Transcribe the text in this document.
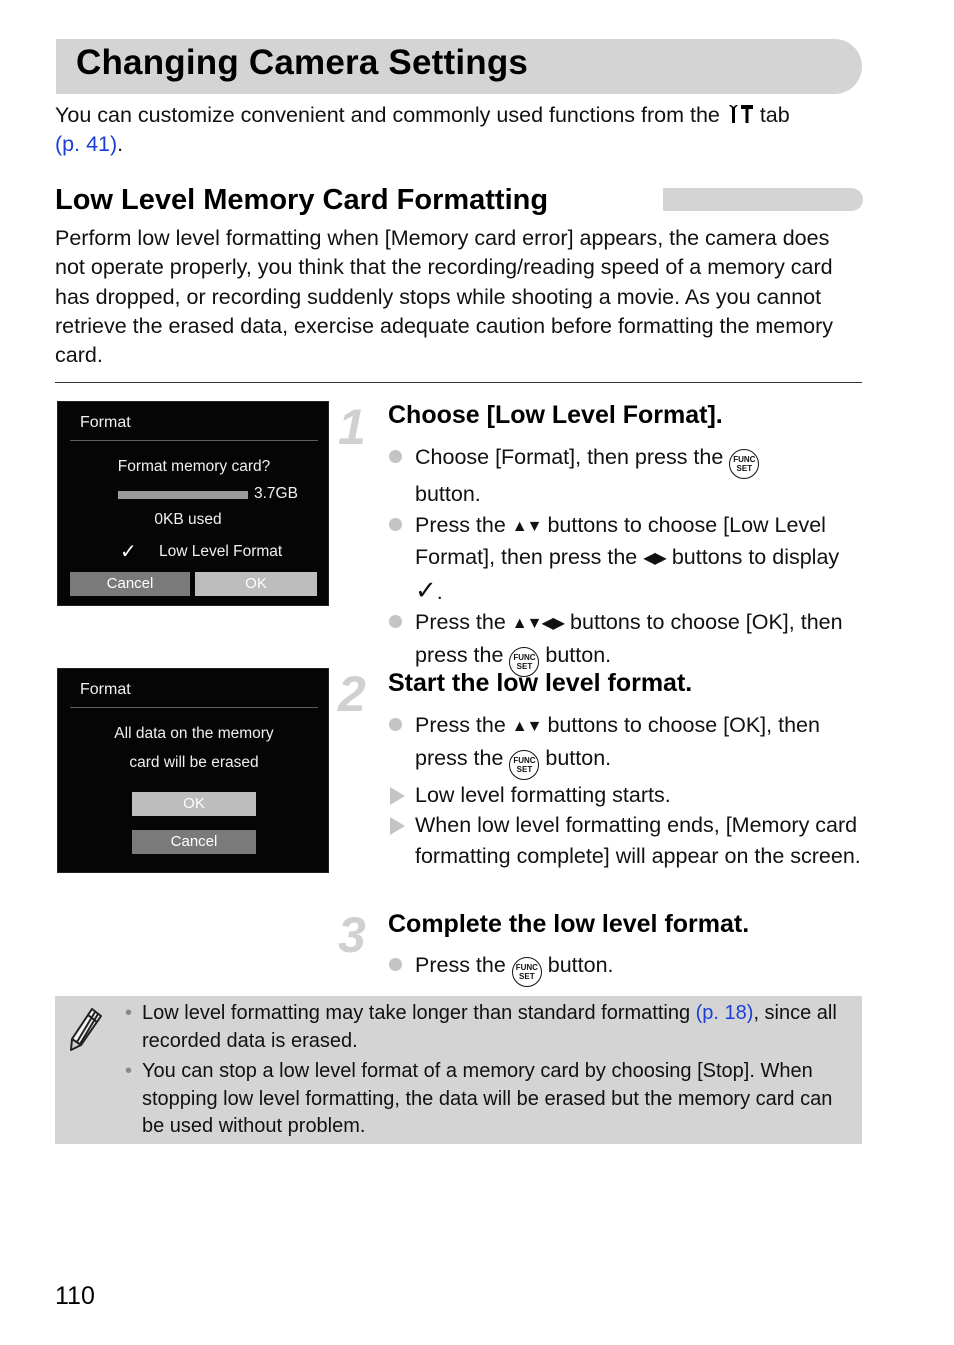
Changing Camera Settings
You can customize convenient and commonly used functions from the  tab
(p. 41).
Low Level Memory Card Formatting
Perform low level formatting when [Memory card error] appears, the camera does not operate properly, you think that the recording/reading speed of a memory card has dropped, or recording suddenly stops while shooting a movie. As you cannot retrieve the erased data, exercise adequate caution before formatting the memory card.
Format
Format memory card?
3.7GB
0KB used
✓ Low Level Format
Cancel	OK
Format
All data on the memory
card will be erased
OK
Cancel
1 Choose [Low Level Format].
Choose [Format], then press the FUNC
SET
button.
Press the ▲▼ buttons to choose [Low Level Format], then press the ◀▶ buttons to display ✓.
Press the ▲▼◀▶ buttons to choose [OK], then press the FUNC
SET button.
2 Start the low level format.
Press the ▲▼ buttons to choose [OK], then press the FUNC
SET button.
Low level formatting starts.
When low level formatting ends, [Memory card formatting complete] will appear on the screen.
3 Complete the low level format.
Press the FUNC
SET button.
• Low level formatting may take longer than standard formatting (p. 18), since all recorded data is erased.
• You can stop a low level format of a memory card by choosing [Stop]. When stopping low level formatting, the data will be erased but the memory card can be used without problem.
110
